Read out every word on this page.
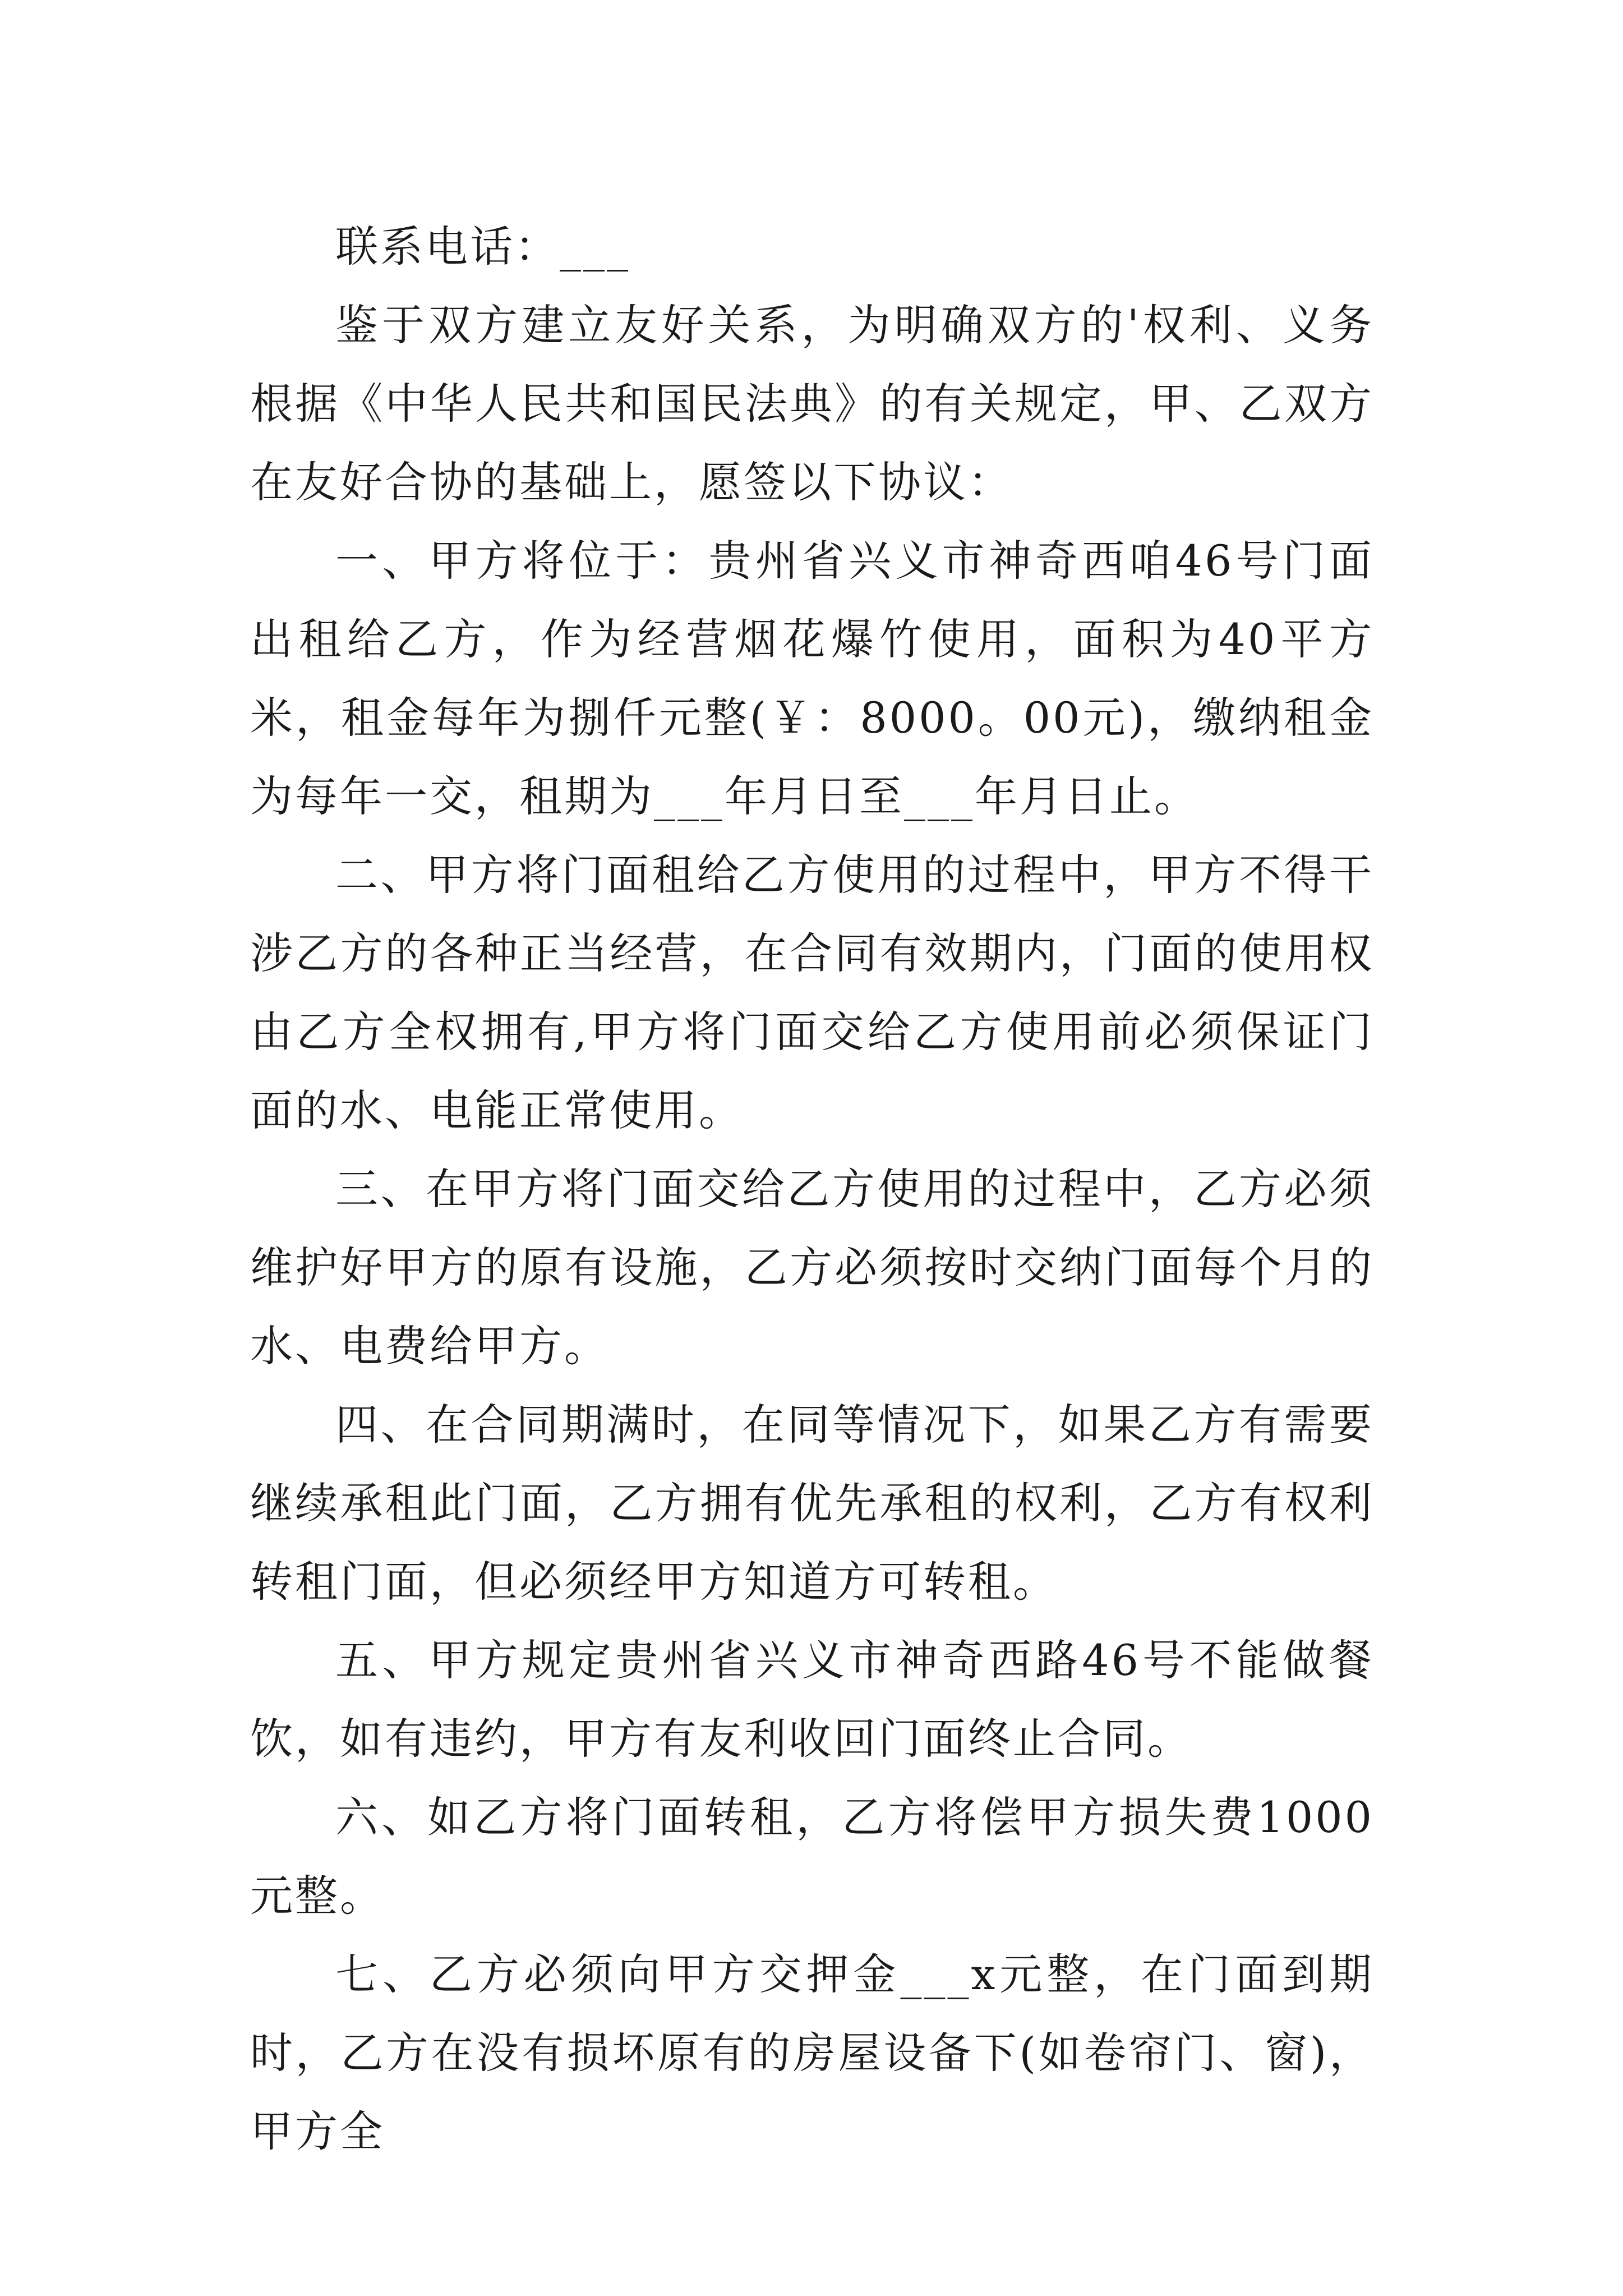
联系电话：___

鉴于双方建立友好关系，为明确双方的'权利、义务根据《中华人民共和国民法典》的有关规定，甲、乙双方在友好合协的基础上，愿签以下协议：

一、甲方将位于：贵州省兴义市神奇西咱46号门面出租给乙方，作为经营烟花爆竹使用，面积为40平方米，租金每年为捌仟元整(￥：8000。00元)，缴纳租金为每年一交，租期为___年月日至___年月日止。

二、甲方将门面租给乙方使用的过程中，甲方不得干涉乙方的各种正当经营，在合同有效期内，门面的使用权由乙方全权拥有,甲方将门面交给乙方使用前必须保证门面的水、电能正常使用。

三、在甲方将门面交给乙方使用的过程中，乙方必须维护好甲方的原有设施，乙方必须按时交纳门面每个月的水、电费给甲方。

四、在合同期满时，在同等情况下，如果乙方有需要继续承租此门面，乙方拥有优先承租的权利，乙方有权利转租门面，但必须经甲方知道方可转租。

五、甲方规定贵州省兴义市神奇西路46号不能做餐饮，如有违约，甲方有友利收回门面终止合同。

六、如乙方将门面转租，乙方将偿甲方损失费1000元整。

七、乙方必须向甲方交押金___x元整，在门面到期时，乙方在没有损坏原有的房屋设备下(如卷帘门、窗)，甲方全
